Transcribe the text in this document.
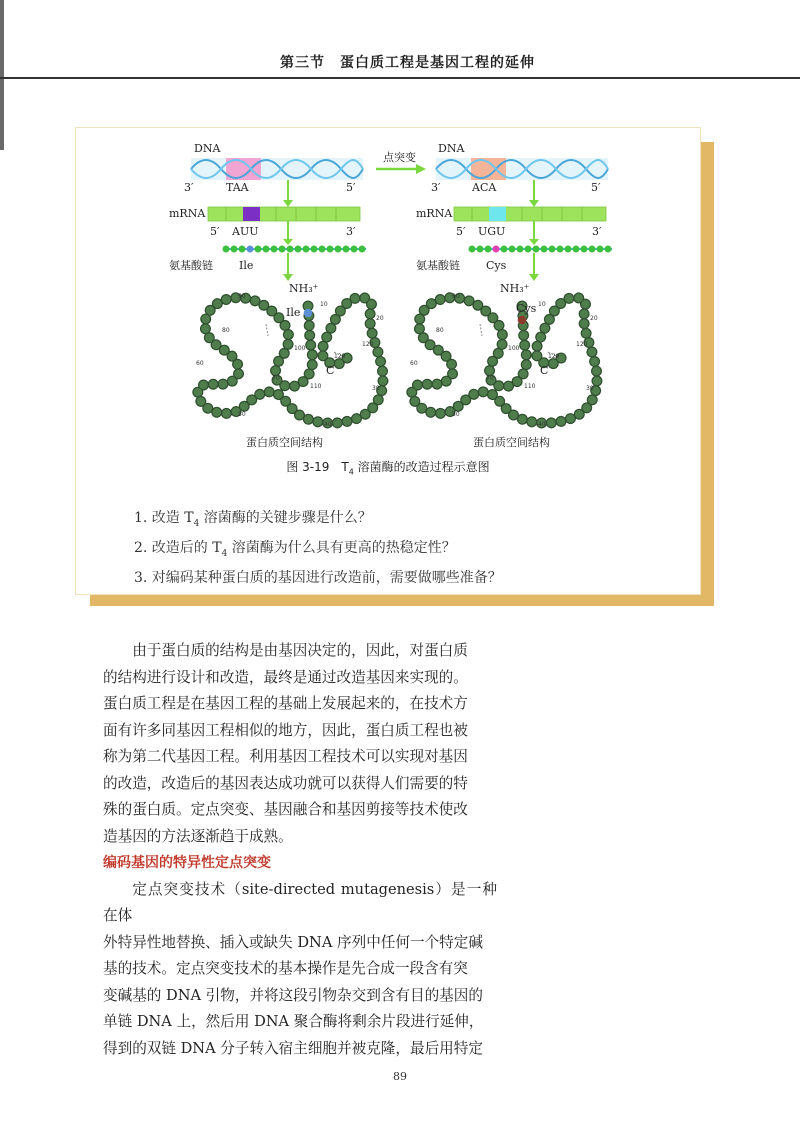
第三节　蛋白质工程是基因工程的延伸
DNA
3′	TAA	5′
mRNA
5′ AUU	3′
氨基酸链 Ile
NH₃⁺
Ile
90
10
20
80
100
120
129
60
70
110	30
50
40
C
蛋白质空间结构
点突变
DNA
3′	ACA	5′
mRNA
5′ UGU	3′
氨基酸链 Cys
NH₃⁺
Cys
90
10
20
80
100
120
129
60
70
110	30
50
40
C
蛋白质空间结构
图 3-19　$T_4$ 溶菌酶的改造过程示意图
1. 改造 $T_4$ 溶菌酶的关键步骤是什么？
2. 改造后的 $T_4$ 溶菌酶为什么具有更高的热稳定性？
3. 对编码某种蛋白质的基因进行改造前，需要做哪些准备？
由于蛋白质的结构是由基因决定的，因此，对蛋白质
的结构进行设计和改造，最终是通过改造基因来实现的。
蛋白质工程是在基因工程的基础上发展起来的，在技术方
面有许多同基因工程相似的地方，因此，蛋白质工程也被
称为第二代基因工程。利用基因工程技术可以实现对基因
的改造，改造后的基因表达成功就可以获得人们需要的特
殊的蛋白质。定点突变、基因融合和基因剪接等技术使改
造基因的方法逐渐趋于成熟。
编码基因的特异性定点突变
定点突变技术（site-directed mutagenesis）是一种在体
外特异性地替换、插入或缺失 DNA 序列中任何一个特定碱
基的技术。定点突变技术的基本操作是先合成一段含有突
变碱基的 DNA 引物，并将这段引物杂交到含有目的基因的
单链 DNA 上，然后用 DNA 聚合酶将剩余片段进行延伸，
得到的双链 DNA 分子转入宿主细胞并被克隆，最后用特定
89
